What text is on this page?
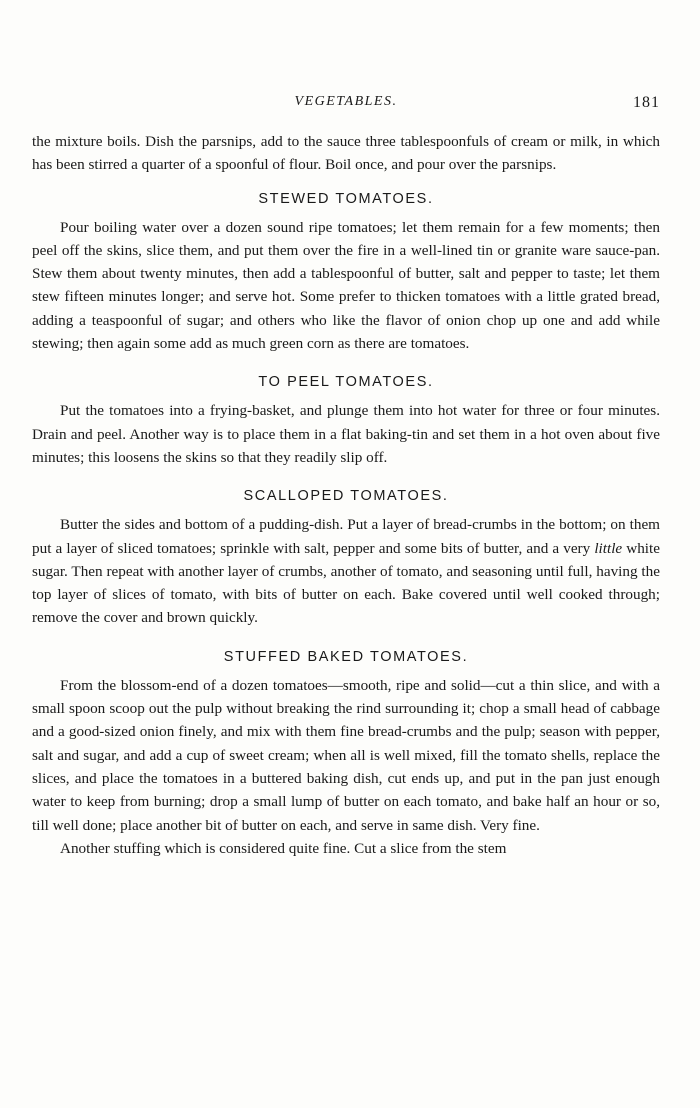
VEGETABLES.	181

the mixture boils. Dish the parsnips, add to the sauce three tablespoonfuls of cream or milk, in which has been stirred a quarter of a spoonful of flour. Boil once, and pour over the parsnips.

STEWED TOMATOES.

Pour boiling water over a dozen sound ripe tomatoes; let them remain for a few moments; then peel off the skins, slice them, and put them over the fire in a well-lined tin or granite ware sauce-pan. Stew them about twenty minutes, then add a tablespoonful of butter, salt and pepper to taste; let them stew fifteen minutes longer; and serve hot. Some prefer to thicken tomatoes with a little grated bread, adding a teaspoonful of sugar; and others who like the flavor of onion chop up one and add while stewing; then again some add as much green corn as there are tomatoes.

TO PEEL TOMATOES.

Put the tomatoes into a frying-basket, and plunge them into hot water for three or four minutes. Drain and peel. Another way is to place them in a flat baking-tin and set them in a hot oven about five minutes; this loosens the skins so that they readily slip off.

SCALLOPED TOMATOES.

Butter the sides and bottom of a pudding-dish. Put a layer of bread-crumbs in the bottom; on them put a layer of sliced tomatoes; sprinkle with salt, pepper and some bits of butter, and a very little white sugar. Then repeat with another layer of crumbs, another of tomato, and seasoning until full, having the top layer of slices of tomato, with bits of butter on each. Bake covered until well cooked through; remove the cover and brown quickly.

STUFFED BAKED TOMATOES.

From the blossom-end of a dozen tomatoes—smooth, ripe and solid—cut a thin slice, and with a small spoon scoop out the pulp without breaking the rind surrounding it; chop a small head of cabbage and a good-sized onion finely, and mix with them fine bread-crumbs and the pulp; season with pepper, salt and sugar, and add a cup of sweet cream; when all is well mixed, fill the tomato shells, replace the slices, and place the tomatoes in a buttered baking dish, cut ends up, and put in the pan just enough water to keep from burning; drop a small lump of butter on each tomato, and bake half an hour or so, till well done; place another bit of butter on each, and serve in same dish. Very fine.

Another stuffing which is considered quite fine. Cut a slice from the stem
